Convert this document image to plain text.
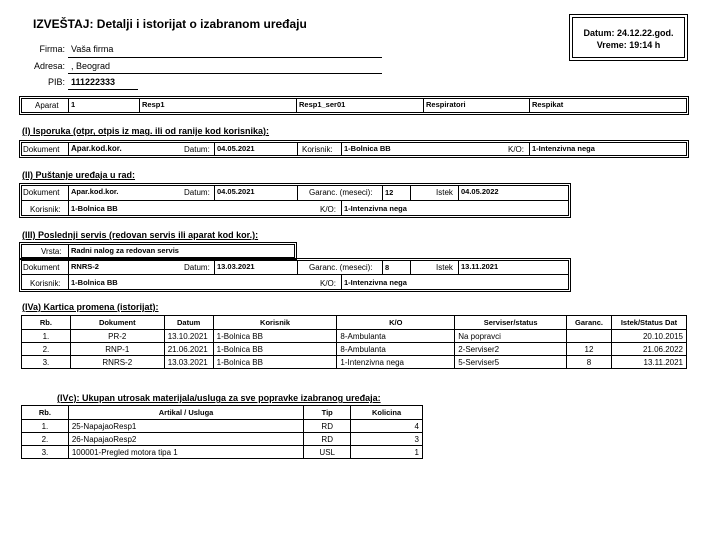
IZVEŠTAJ: Detalji i istorijat o izabranom uređaju
Datum: 24.12.22.god.
Vreme: 19:14 h
Firma: Vaša firma
Adresa: , Beograd
PIB: 111222333
Aparat 1	Resp1	Resp1_ser01	Respiratori	Respikat
(I) Isporuka (otpr, otpis iz mag. ili od ranije kod korisnika):
Dokument Apar.kod.kor.	Datum: 04.05.2021	Korisnik: 1-Bolnica BB	K/O: 1-Intenzivna nega
(II) Puštanje uređaja u rad:
Dokument Apar.kod.kor.	Datum: 04.05.2021	Garanc. (meseci): 12	Istek 04.05.2022
Korisnik: 1-Bolnica BB	K/O: 1-Intenzivna nega
(III) Poslednji servis (redovan servis ili aparat kod kor.):
Vrsta: Radni nalog za redovan servis
Dokument RNRS-2	Datum: 13.03.2021	Garanc. (meseci): 8	Istek 13.11.2021
Korisnik: 1-Bolnica BB	K/O: 1-Intenzivna nega
(IVa) Kartica promena (istorijat):
Rb.	Dokument	Datum	Korisnik	K/O	Serviser/status	Garanc.	Istek/Status Dat
1.	PR-2	13.10.2021	1-Bolnica BB	8-Ambulanta	Na popravci		20.10.2015
2.	RNP-1	21.06.2021	1-Bolnica BB	8-Ambulanta	2-Serviser2	12	21.06.2022
3.	RNRS-2	13.03.2021	1-Bolnica BB	1-Intenzivna nega	5-Serviser5	8	13.11.2021
(IVc): Ukupan utrosak materijala/usluga za sve popravke izabranog uređaja:
Rb.	Artikal / Usluga	Tip	Kolicina
1.	25-NapajaoResp1	RD	4
2.	26-NapajaoResp2	RD	3
3.	100001-Pregled motora tipa 1	USL	1
